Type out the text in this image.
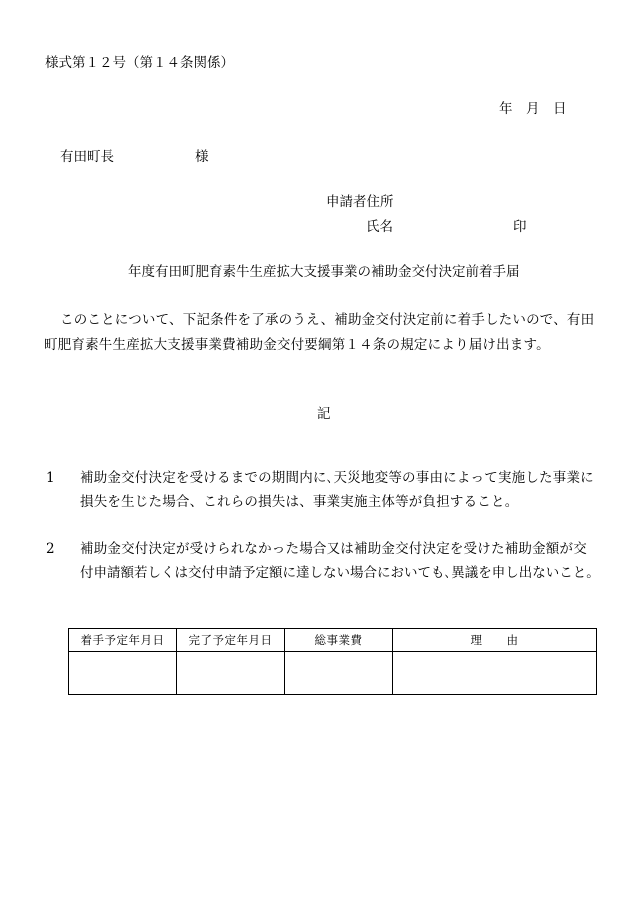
様式第１２号（第１４条関係）
年　月　日
有田町長　　　　　　様
申請者住所
氏名	印
年度有田町肥育素牛生産拡大支援事業の補助金交付決定前着手届
このことについて、下記条件を了承のうえ、補助金交付決定前に着手したいので、有田
町肥育素牛生産拡大支援事業費補助金交付要綱第１４条の規定により届け出ます。
記
1 補助金交付決定を受けるまでの期間内に､天災地変等の事由によって実施した事業に
損失を生じた場合、これらの損失は、事業実施主体等が負担すること。
2 補助金交付決定が受けられなかった場合又は補助金交付決定を受けた補助金額が交
付申請額若しくは交付申請予定額に達しない場合においても､異議を申し出ないこと。
着手予定年月日	完了予定年月日	総事業費	理　　由
